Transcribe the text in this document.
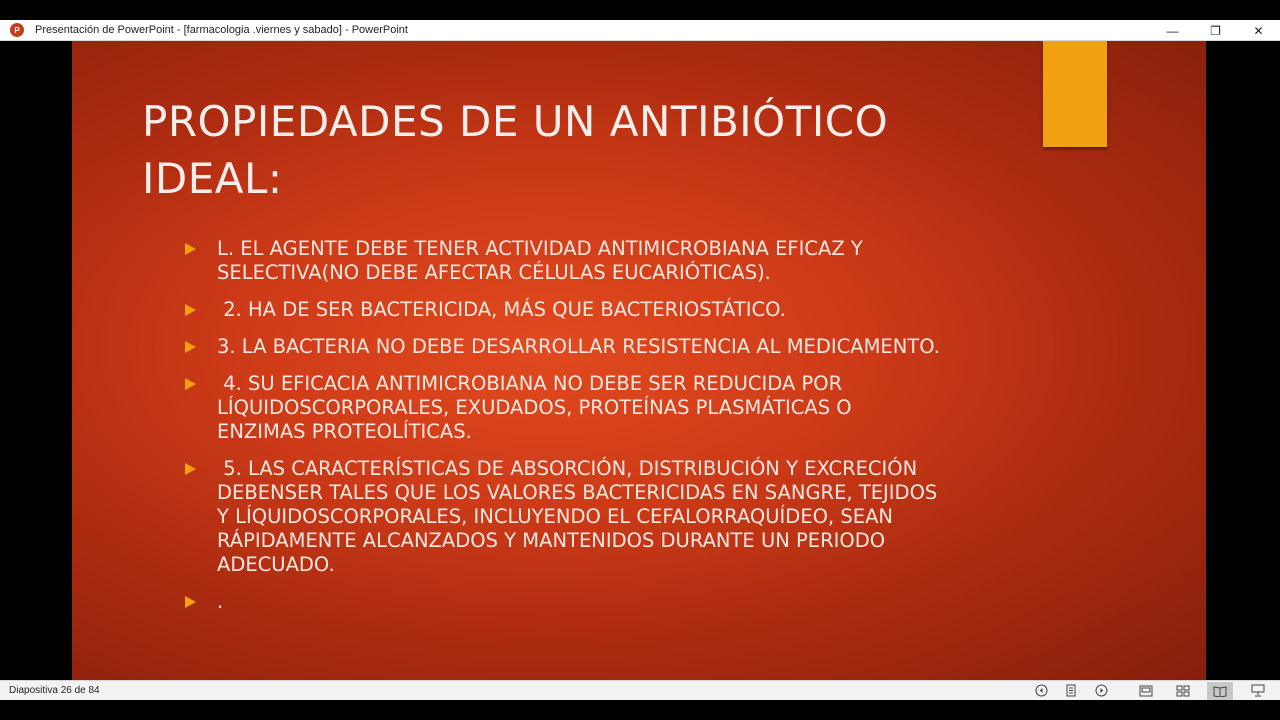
P Presentación de PowerPoint - [farmacologia .viernes y sabado] - PowerPoint	—	❐	✕
PROPIEDADES DE UN ANTIBIÓTICO
IDEAL:
L. EL AGENTE DEBE TENER ACTIVIDAD ANTIMICROBIANA EFICAZ Y
SELECTIVA(NO DEBE AFECTAR CÉLULAS EUCARIÓTICAS).
2. HA DE SER BACTERICIDA, MÁS QUE BACTERIOSTÁTICO.
3. LA BACTERIA NO DEBE DESARROLLAR RESISTENCIA AL MEDICAMENTO.
4. SU EFICACIA ANTIMICROBIANA NO DEBE SER REDUCIDA POR
LÍQUIDOSCORPORALES, EXUDADOS, PROTEÍNAS PLASMÁTICAS O
ENZIMAS PROTEOLÍTICAS.
5. LAS CARACTERÍSTICAS DE ABSORCIÓN, DISTRIBUCIÓN Y EXCRECIÓN
DEBENSER TALES QUE LOS VALORES BACTERICIDAS EN SANGRE, TEJIDOS
Y LÍQUIDOSCORPORALES, INCLUYENDO EL CEFALORRAQUÍDEO, SEAN
RÁPIDAMENTE ALCANZADOS Y MANTENIDOS DURANTE UN PERIODO
ADECUADO.
.
Diapositiva 26 de 84
